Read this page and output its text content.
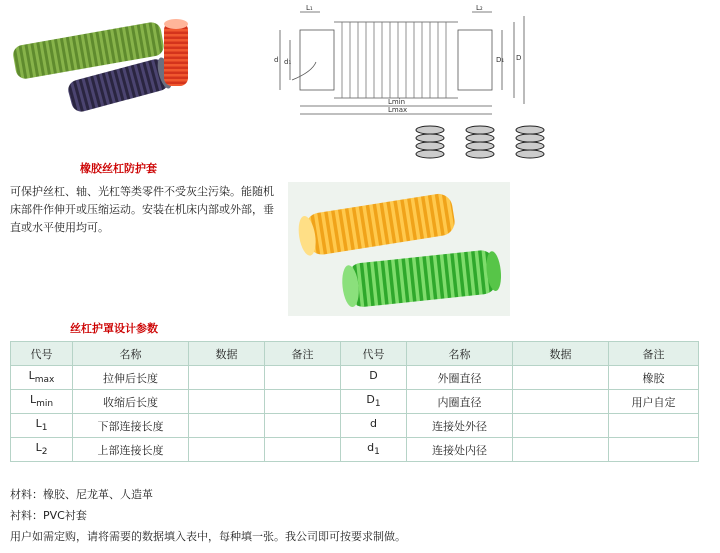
L₁	L₂
d d₁	D₁ D
Lmin
Lmax
橡胶丝杠防护套
可保护丝杠、轴、光杠等类零件不受灰尘污染。能随机床部件作伸开或压缩运动。安装在机床内部或外部，垂直或水平使用均可。
丝杠护罩设计参数
代号	名称	数据	备注	代号	名称	数据	备注
$L_{max}$	拉伸后长度			D	外圈直径		橡胶
$L_{min}$	收缩后长度			$D_1$	内圈直径		用户自定
$L_1$	下部连接长度			d	连接处外径		
$L_2$	上部连接长度			$d_1$	连接处内径		
材料：橡胶、尼龙革、人造革
衬料：PVC衬套
用户如需定购，请将需要的数据填入表中，每种填一张。我公司即可按要求制做。
